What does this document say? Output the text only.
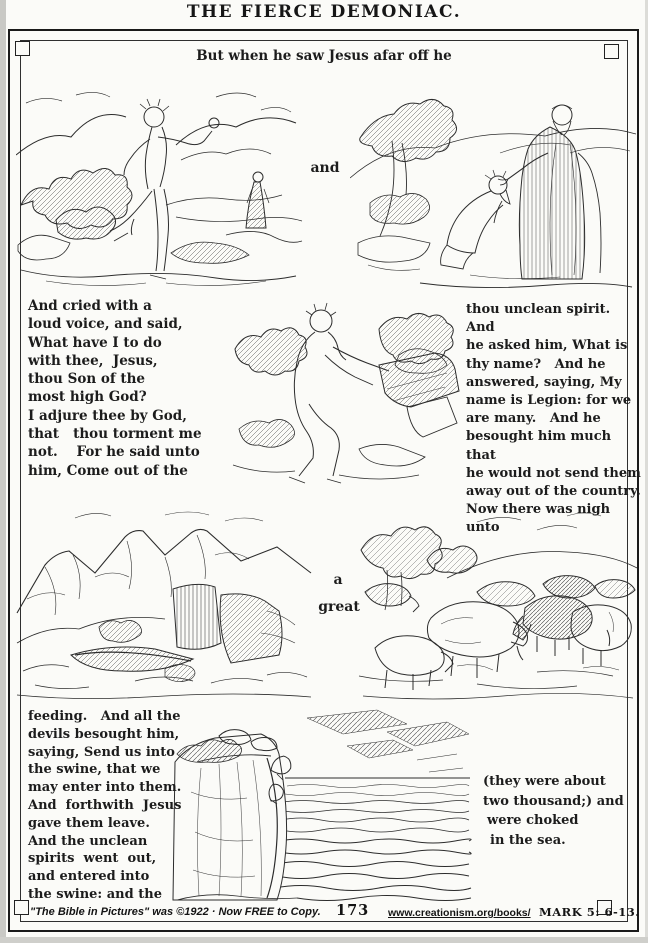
THE FIERCE DEMONIAC.
But when he saw Jesus afar off he
and
a
great
And cried with a
loud voice, and said,
What have I to do
with thee,  Jesus,
thou Son of the
most high God?
I adjure thee by God,
that   thou torment me
not.    For he said unto
him, Come out of the
thou unclean spirit.   And
he asked him, What is
thy name?   And he
answered, saying, My
name is Legion: for we
are many.   And he
besought him much that
he would not send them
away out of the country.
Now there was nigh unto
feeding.   And all the
devils besought him,
saying, Send us into
the swine, that we
may enter into them.
And  forthwith  Jesus
gave them leave.
And the unclean
spirits  went  out,
and entered into
the swine: and the
(they were about
two thousand;) and
were choked
in the sea.
"The Bible in Pictures" was ©1922 · Now FREE to Copy. 173 www.creationism.org/books/ MARK 5: 6-13.
